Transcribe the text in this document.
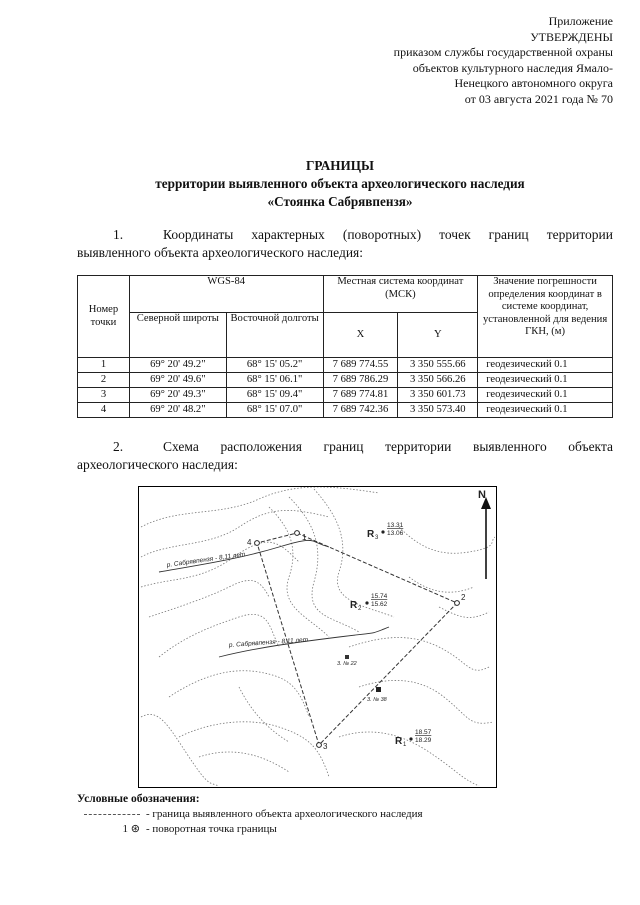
Приложение
УТВЕРЖДЕНЫ
приказом службы государственной охраны
объектов культурного наследия Ямало-
Ненецкого автономного округа
от 03 августа 2021 года № 70
ГРАНИЦЫ
территории выявленного объекта археологического наследия
«Стоянка Сабрявпензя»
1.	Координаты характерных (поворотных) точек границ территории выявленного объекта археологического наследия:
Номер точки	WGS-84		Местная система координат (МСК)		Значение погрешности определения координат в системе координат, установленной для ведения ГКН, (м)
	Северной широты	Восточной долготы	X	Y	
1	69° 20' 49.2"	68° 15' 05.2"	7 689 774.55	3 350 555.66	геодезический 0.1
2	69° 20' 49.6"	68° 15' 06.1"	7 689 786.29	3 350 566.26	геодезический 0.1
3	69° 20' 49.3"	68° 15' 09.4"	7 689 774.81	3 350 601.73	геодезический 0.1
4	69° 20' 48.2"	68° 15' 07.0"	7 689 742.36	3 350 573.40	геодезический 0.1
2.	Схема расположения границ территории выявленного объекта археологического наследия:
1
2
3
4
N
р. Сабрявпензя - 8,11 лет
р. Сабрявпензя - 8,11 лет
3. № 22
3. № 38
R 3
13.31
13.06
R 2
15.74
15.62
R 1
18.57
18.29
Условные обозначения:
- граница выявленного объекта археологического наследия
1 ⊛ - поворотная точка границы
